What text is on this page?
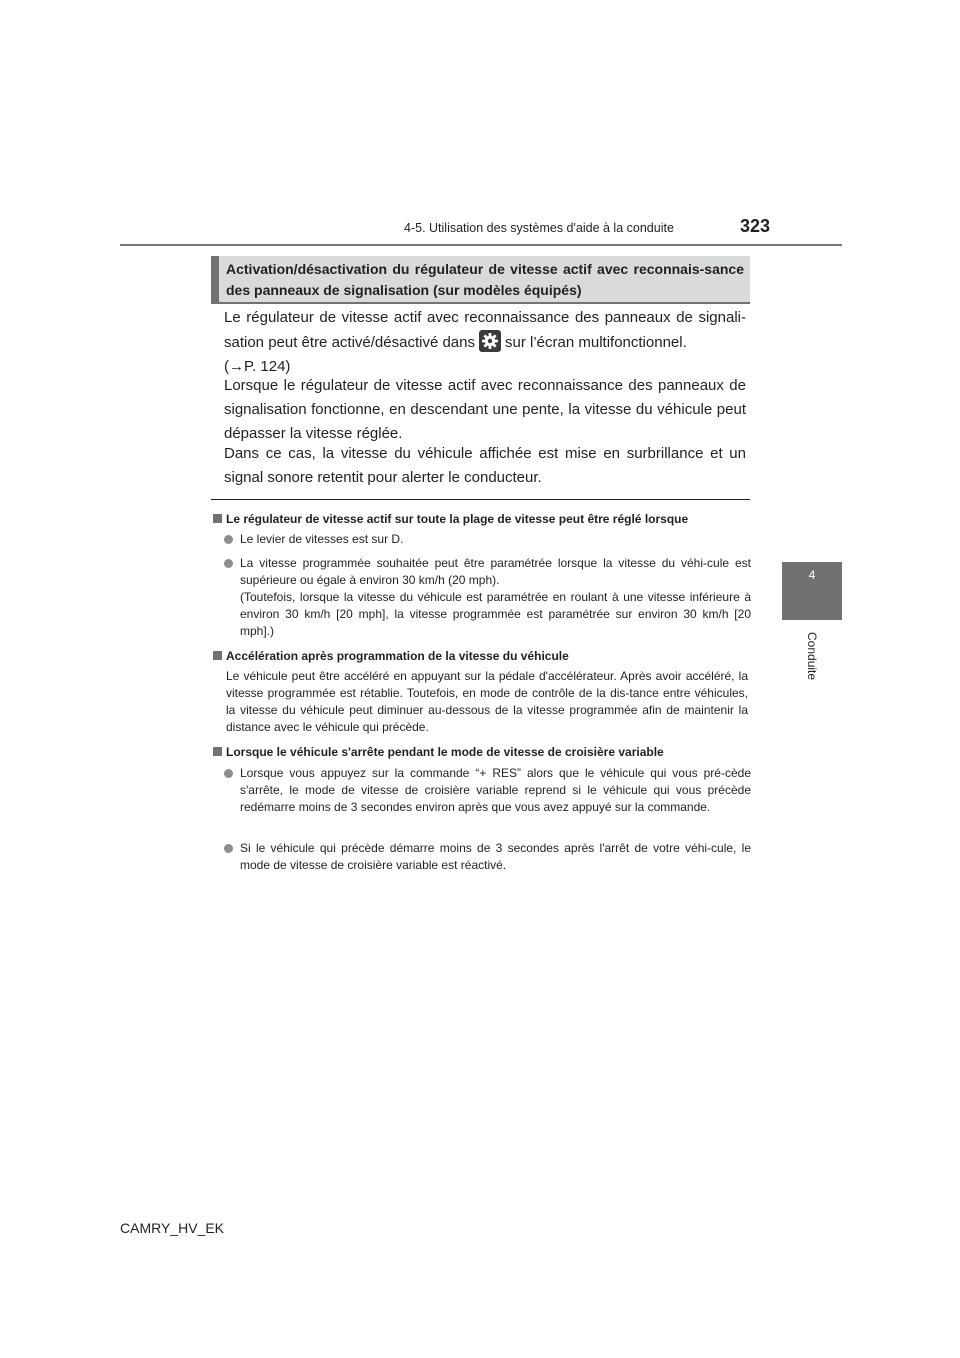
4-5. Utilisation des systèmes d'aide à la conduite	323
4
Conduite
Activation/désactivation du régulateur de vitesse actif avec reconnais-sance des panneaux de signalisation (sur modèles équipés)
Le régulateur de vitesse actif avec reconnaissance des panneaux de signali-sation peut être activé/désactivé dans sur l’écran multifonctionnel.
(→P. 124)
Lorsque le régulateur de vitesse actif avec reconnaissance des panneaux de signalisation fonctionne, en descendant une pente, la vitesse du véhicule peut dépasser la vitesse réglée.
Dans ce cas, la vitesse du véhicule affichée est mise en surbrillance et un signal sonore retentit pour alerter le conducteur.
Le régulateur de vitesse actif sur toute la plage de vitesse peut être réglé lorsque
Le levier de vitesses est sur D.
La vitesse programmée souhaitée peut être paramétrée lorsque la vitesse du véhi-cule est supérieure ou égale à environ 30 km/h (20 mph).
(Toutefois, lorsque la vitesse du véhicule est paramétrée en roulant à une vitesse inférieure à environ 30 km/h [20 mph], la vitesse programmée est paramétrée sur environ 30 km/h [20 mph].)
Accélération après programmation de la vitesse du véhicule
Le véhicule peut être accéléré en appuyant sur la pédale d'accélérateur. Après avoir accéléré, la vitesse programmée est rétablie. Toutefois, en mode de contrôle de la dis-tance entre véhicules, la vitesse du véhicule peut diminuer au-dessous de la vitesse programmée afin de maintenir la distance avec le véhicule qui précède.
Lorsque le véhicule s'arrête pendant le mode de vitesse de croisière variable
Lorsque vous appuyez sur la commande “+ RES” alors que le véhicule qui vous pré-cède s'arrête, le mode de vitesse de croisière variable reprend si le véhicule qui vous précède redémarre moins de 3 secondes environ après que vous avez appuyé sur la commande.
Si le véhicule qui précède démarre moins de 3 secondes après l'arrêt de votre véhi-cule, le mode de vitesse de croisière variable est réactivé.
CAMRY_HV_EK
